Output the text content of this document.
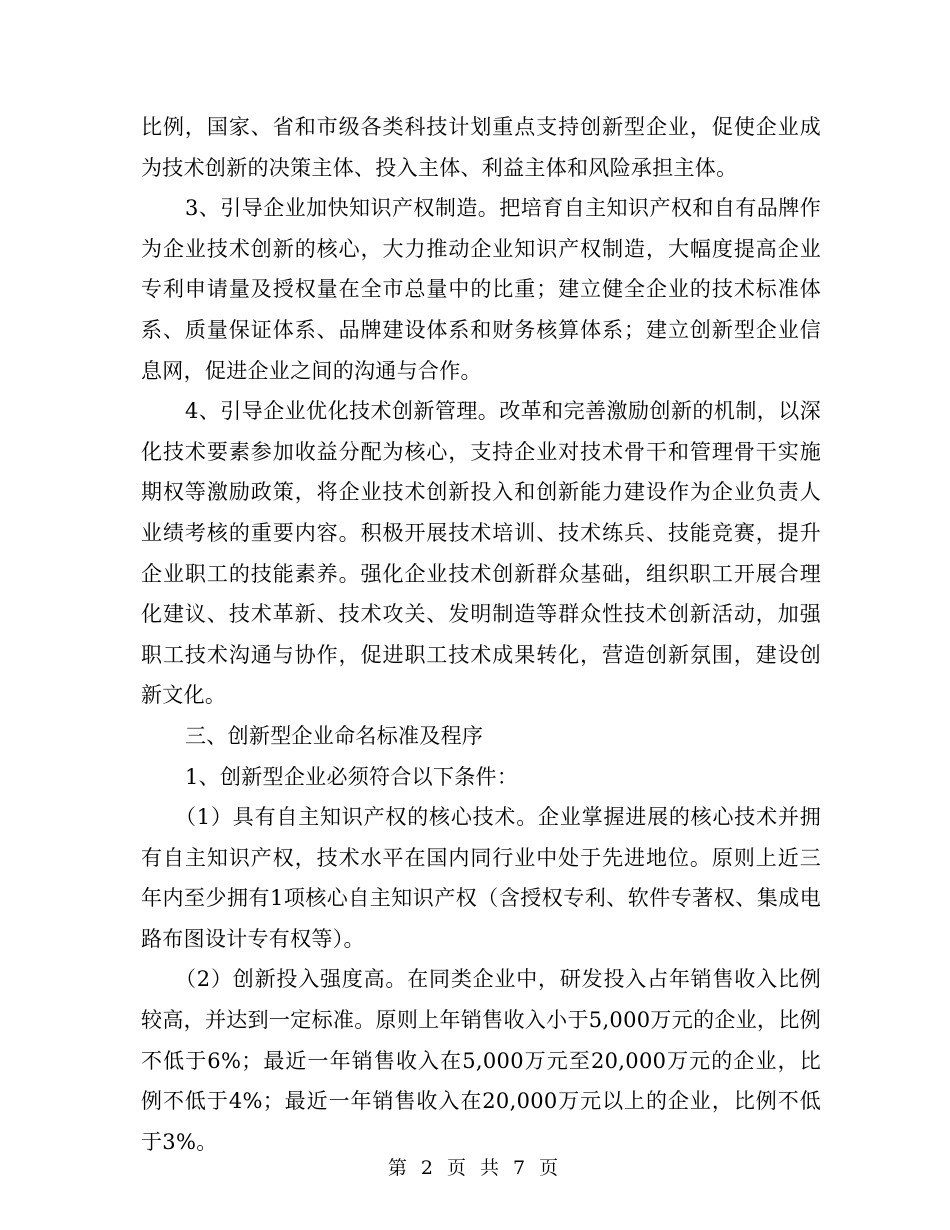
比例，国家、省和市级各类科技计划重点支持创新型企业，促使企业成为技术创新的决策主体、投入主体、利益主体和风险承担主体。

3、引导企业加快知识产权制造。把培育自主知识产权和自有品牌作为企业技术创新的核心，大力推动企业知识产权制造，大幅度提高企业专利申请量及授权量在全市总量中的比重；建立健全企业的技术标准体系、质量保证体系、品牌建设体系和财务核算体系；建立创新型企业信息网，促进企业之间的沟通与合作。

4、引导企业优化技术创新管理。改革和完善激励创新的机制，以深化技术要素参加收益分配为核心，支持企业对技术骨干和管理骨干实施期权等激励政策，将企业技术创新投入和创新能力建设作为企业负责人业绩考核的重要内容。积极开展技术培训、技术练兵、技能竞赛，提升企业职工的技能素养。强化企业技术创新群众基础，组织职工开展合理化建议、技术革新、技术攻关、发明制造等群众性技术创新活动，加强职工技术沟通与协作，促进职工技术成果转化，营造创新氛围，建设创新文化。

三、创新型企业命名标准及程序

1、创新型企业必须符合以下条件：

（1）具有自主知识产权的核心技术。企业掌握进展的核心技术并拥有自主知识产权，技术水平在国内同行业中处于先进地位。原则上近三年内至少拥有1项核心自主知识产权（含授权专利、软件专著权、集成电路布图设计专有权等）。

（2）创新投入强度高。在同类企业中，研发投入占年销售收入比例较高，并达到一定标准。原则上年销售收入小于5,000万元的企业，比例不低于6%；最近一年销售收入在5,000万元至20,000万元的企业，比例不低于4%；最近一年销售收入在20,000万元以上的企业，比例不低于3%。

第 2 页 共 7 页
